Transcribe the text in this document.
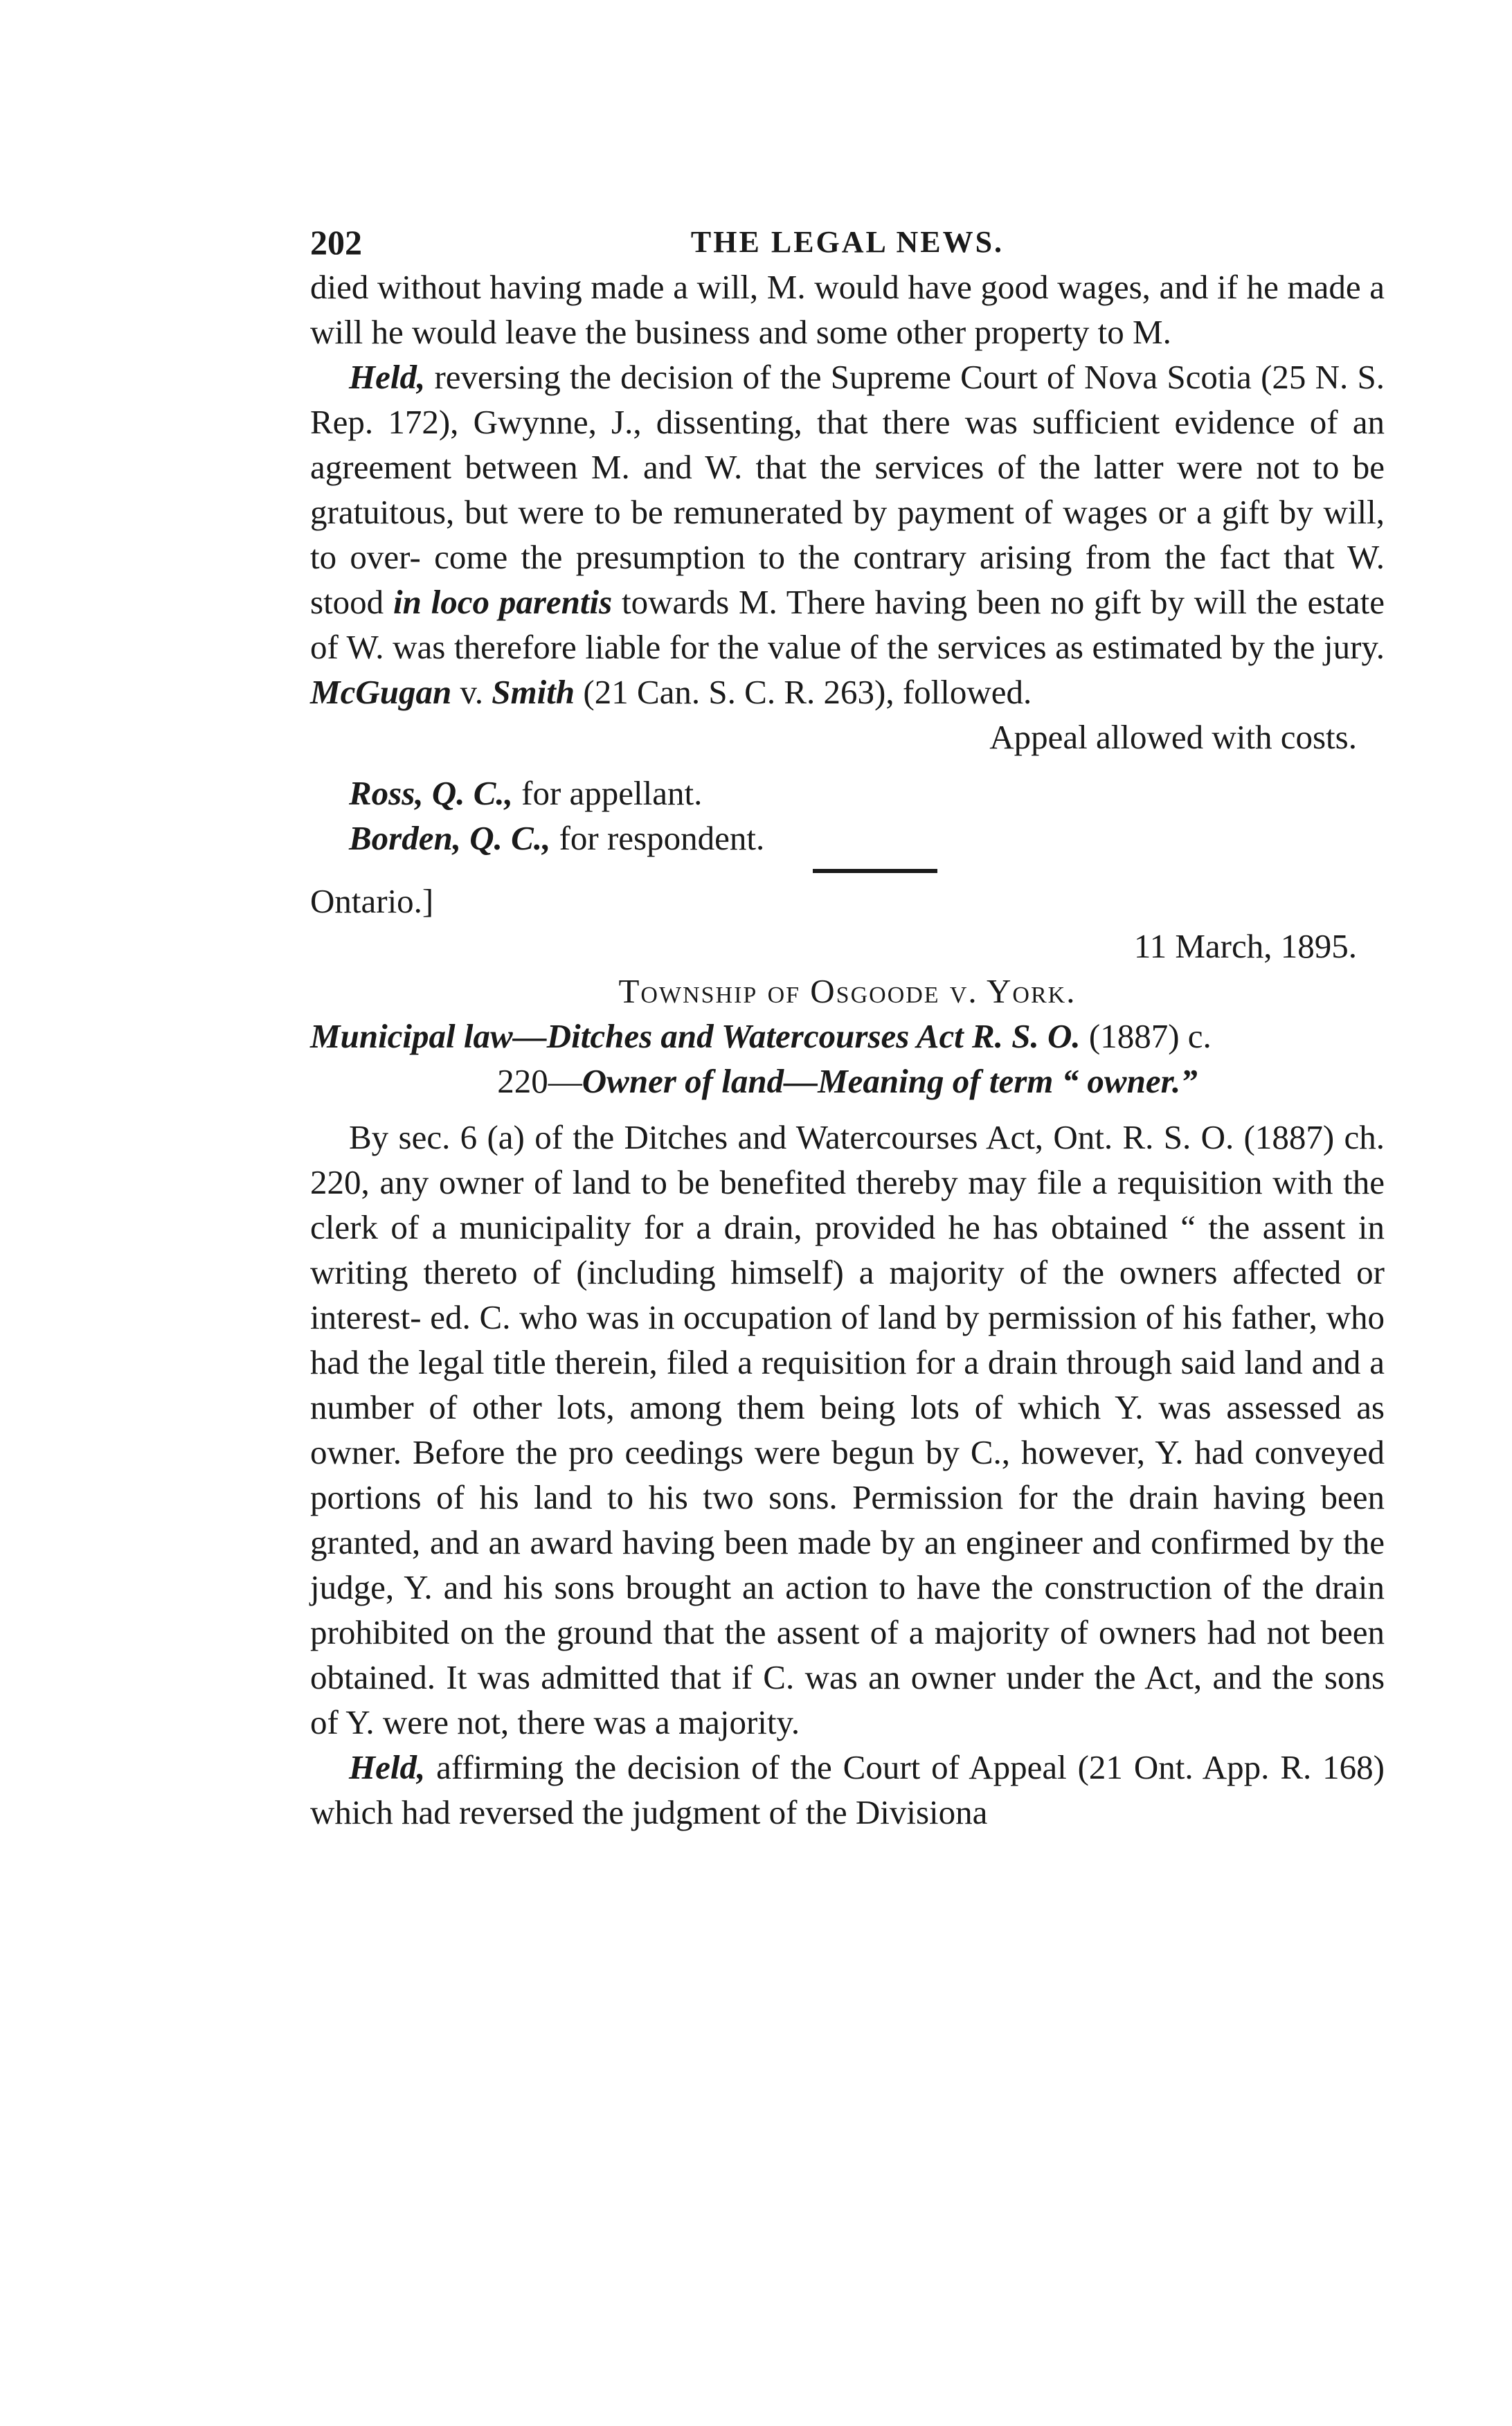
202	THE LEGAL NEWS.

died without having made a will, M. would have good wages, and if he made a will he would leave the business and some other property to M.

Held, reversing the decision of the Supreme Court of Nova Scotia (25 N. S. Rep. 172), Gwynne, J., dissenting, that there was sufficient evidence of an agreement between M. and W. that the services of the latter were not to be gratuitous, but were to be remunerated by payment of wages or a gift by will, to over- come the presumption to the contrary arising from the fact that W. stood in loco parentis towards M. There having been no gift by will the estate of W. was therefore liable for the value of the services as estimated by the jury. McGugan v. Smith (21 Can. S. C. R. 263), followed.

Appeal allowed with costs.

Ross, Q. C., for appellant.

Borden, Q. C., for respondent.

Ontario.]

11 March, 1895.

Township of Osgoode v. York.

Municipal law—Ditches and Watercourses Act R. S. O. (1887) c.

220—Owner of land—Meaning of term “ owner.”

By sec. 6 (a) of the Ditches and Watercourses Act, Ont. R. S. O. (1887) ch. 220, any owner of land to be benefited thereby may file a requisition with the clerk of a municipality for a drain, provided he has obtained “ the assent in writing thereto of (including himself) a majority of the owners affected or interest- ed. C. who was in occupation of land by permission of his father, who had the legal title therein, filed a requisition for a drain through said land and a number of other lots, among them being lots of which Y. was assessed as owner. Before the pro ceedings were begun by C., however, Y. had conveyed portions of his land to his two sons. Permission for the drain having been granted, and an award having been made by an engineer and confirmed by the judge, Y. and his sons brought an action to have the construction of the drain prohibited on the ground that the assent of a majority of owners had not been obtained. It was admitted that if C. was an owner under the Act, and the sons of Y. were not, there was a majority.

Held, affirming the decision of the Court of Appeal (21 Ont. App. R. 168) which had reversed the judgment of the Divisiona
